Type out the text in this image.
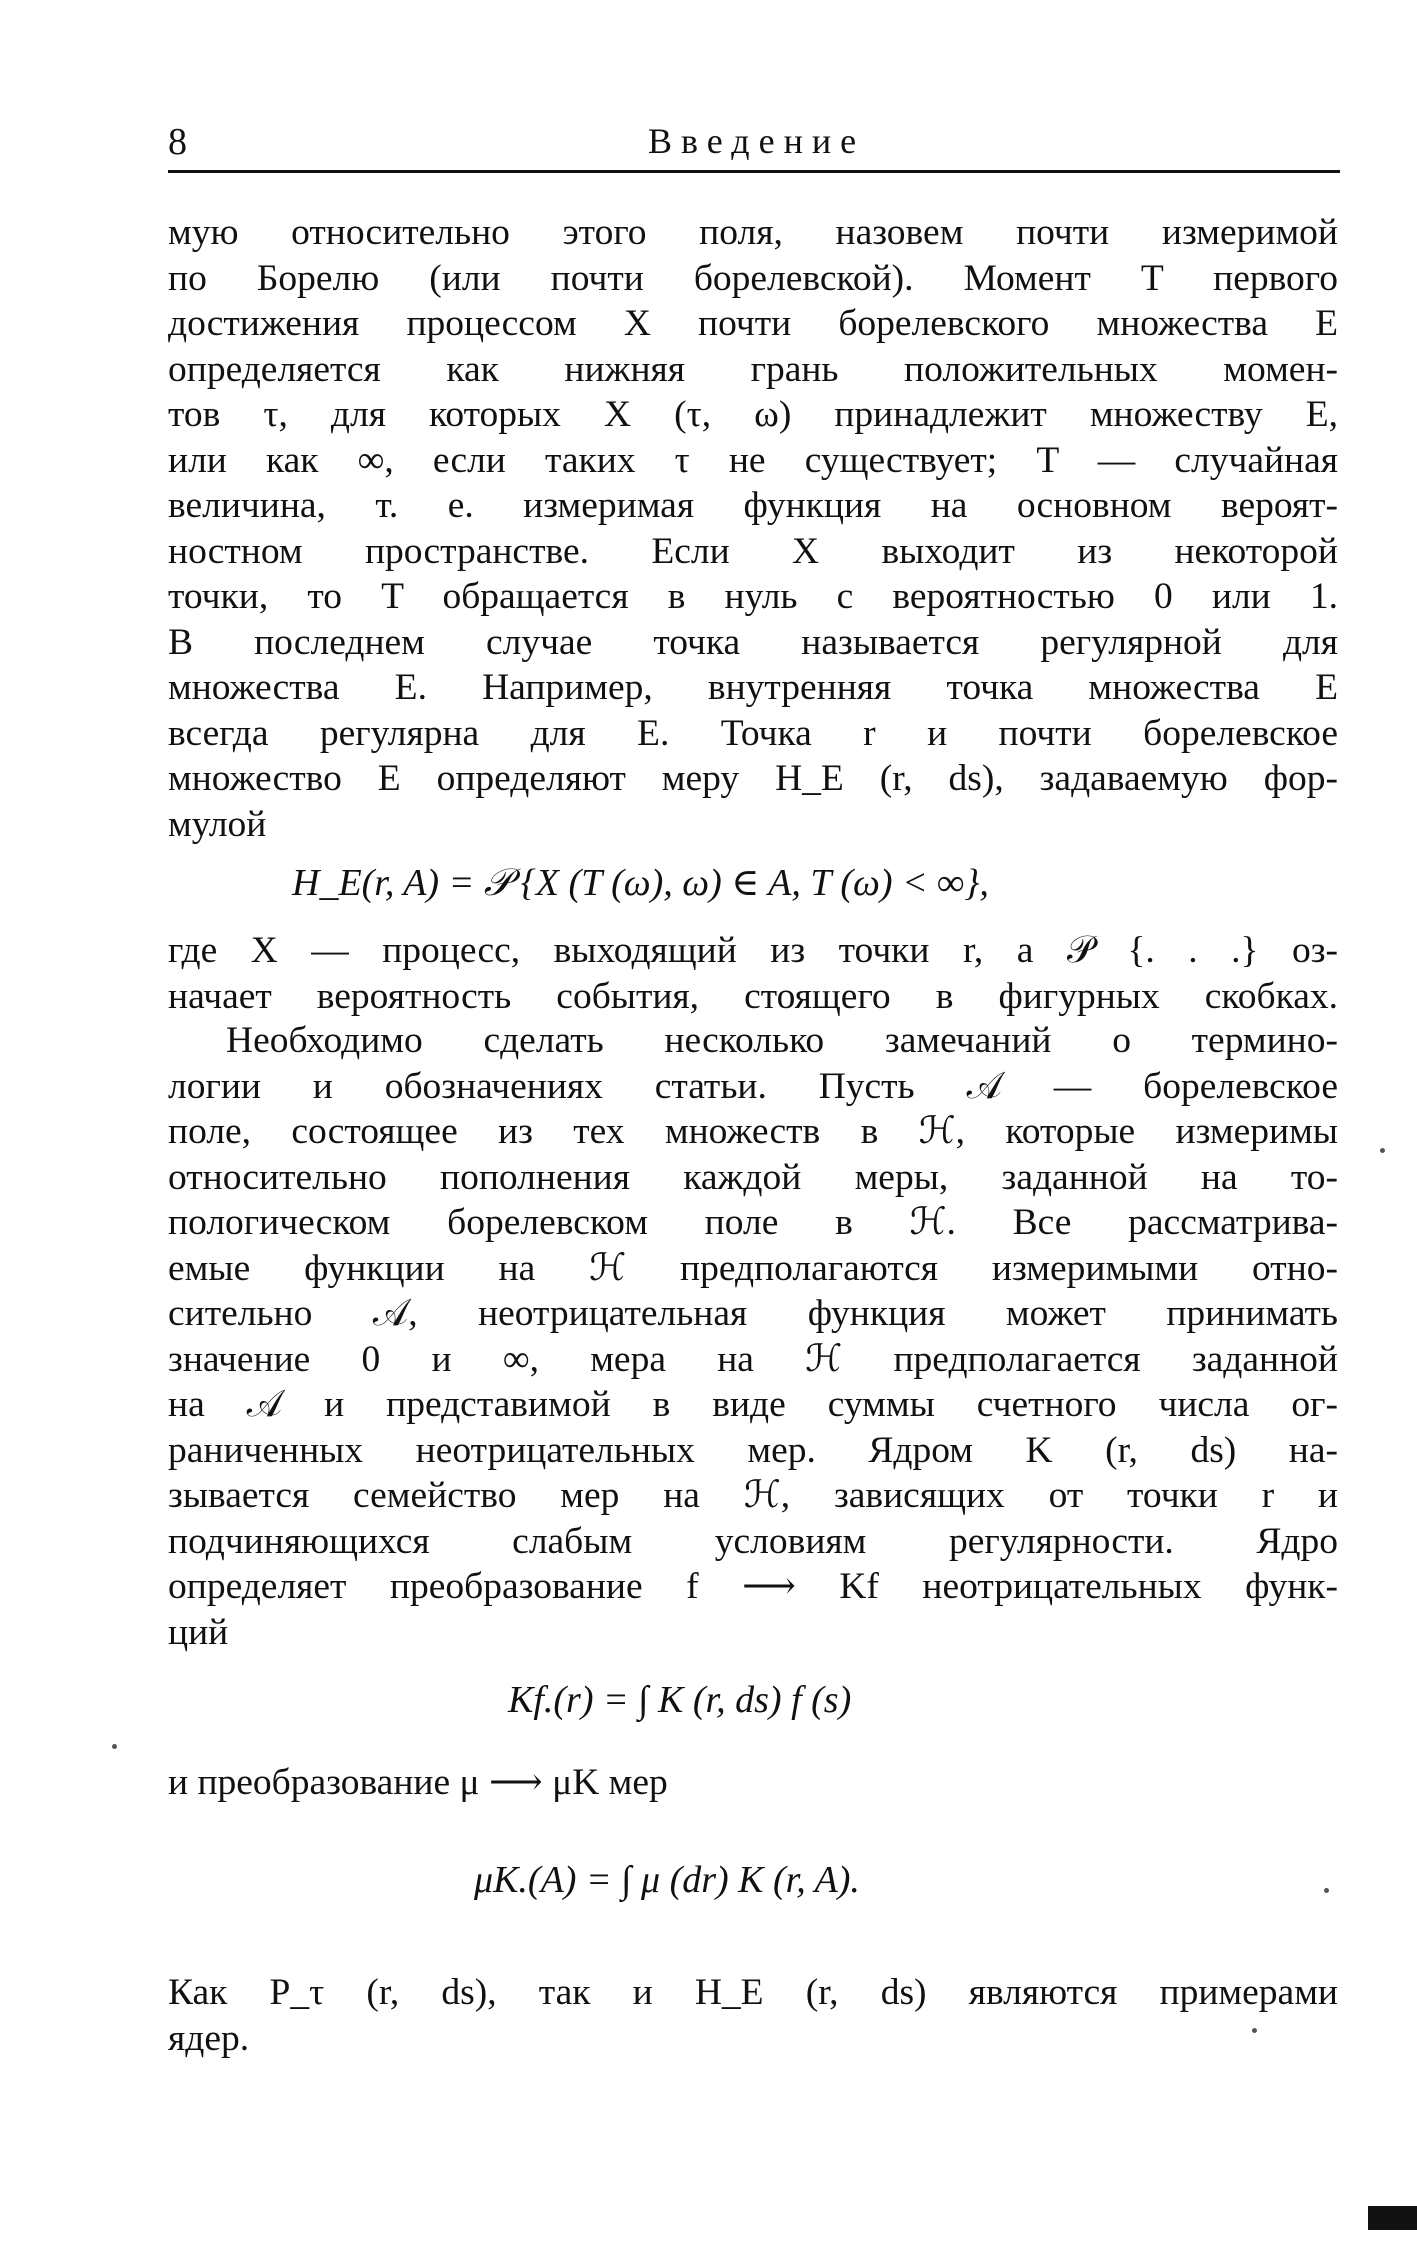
8	Введение
мую относительно этого поля, назовем почти измеримой
по Борелю (или почти борелевской). Момент T первого
достижения процессом X почти борелевского множества E
определяется как нижняя грань положительных момен-
тов τ, для которых X (τ, ω) принадлежит множеству E,
или как ∞, если таких τ не существует; T — случайная
величина, т. е. измеримая функция на основном вероят-
ностном пространстве. Если X выходит из некоторой
точки, то T обращается в нуль с вероятностью 0 или 1.
В последнем случае точка называется регулярной для
множества E. Например, внутренняя точка множества E
всегда регулярна для E. Точка r и почти борелевское
множество E определяют меру H_E (r, ds), задаваемую фор-
мулой
H_E(r, A) = 𝒫 {X (T (ω), ω) ∈ A, T (ω) < ∞},
где X — процесс, выходящий из точки r, а 𝒫 {. . .} оз-
начает вероятность события, стоящего в фигурных скобках.
Необходимо сделать несколько замечаний о термино-
логии и обозначениях статьи. Пусть 𝒜 — борелевское
поле, состоящее из тех множеств в ℋ, которые измеримы
относительно пополнения каждой меры, заданной на то-
пологическом борелевском поле в ℋ. Все рассматрива-
емые функции на ℋ предполагаются измеримыми отно-
сительно 𝒜, неотрицательная функция может принимать
значение 0 и ∞, мера на ℋ предполагается заданной
на 𝒜 и представимой в виде суммы счетного числа ог-
раниченных неотрицательных мер. Ядром K (r, ds) на-
зывается семейство мер на ℋ, зависящих от точки r и
подчиняющихся слабым условиям регулярности. Ядро
определяет преобразование f ⟶ Kf неотрицательных функ-
ций
Kf.(r) = ∫ K (r, ds) f (s)
и преобразование μ ⟶ μK мер
μK.(A) = ∫ μ (dr) K (r, A).
Как P_τ (r, ds), так и H_E (r, ds) являются примерами
ядер.
